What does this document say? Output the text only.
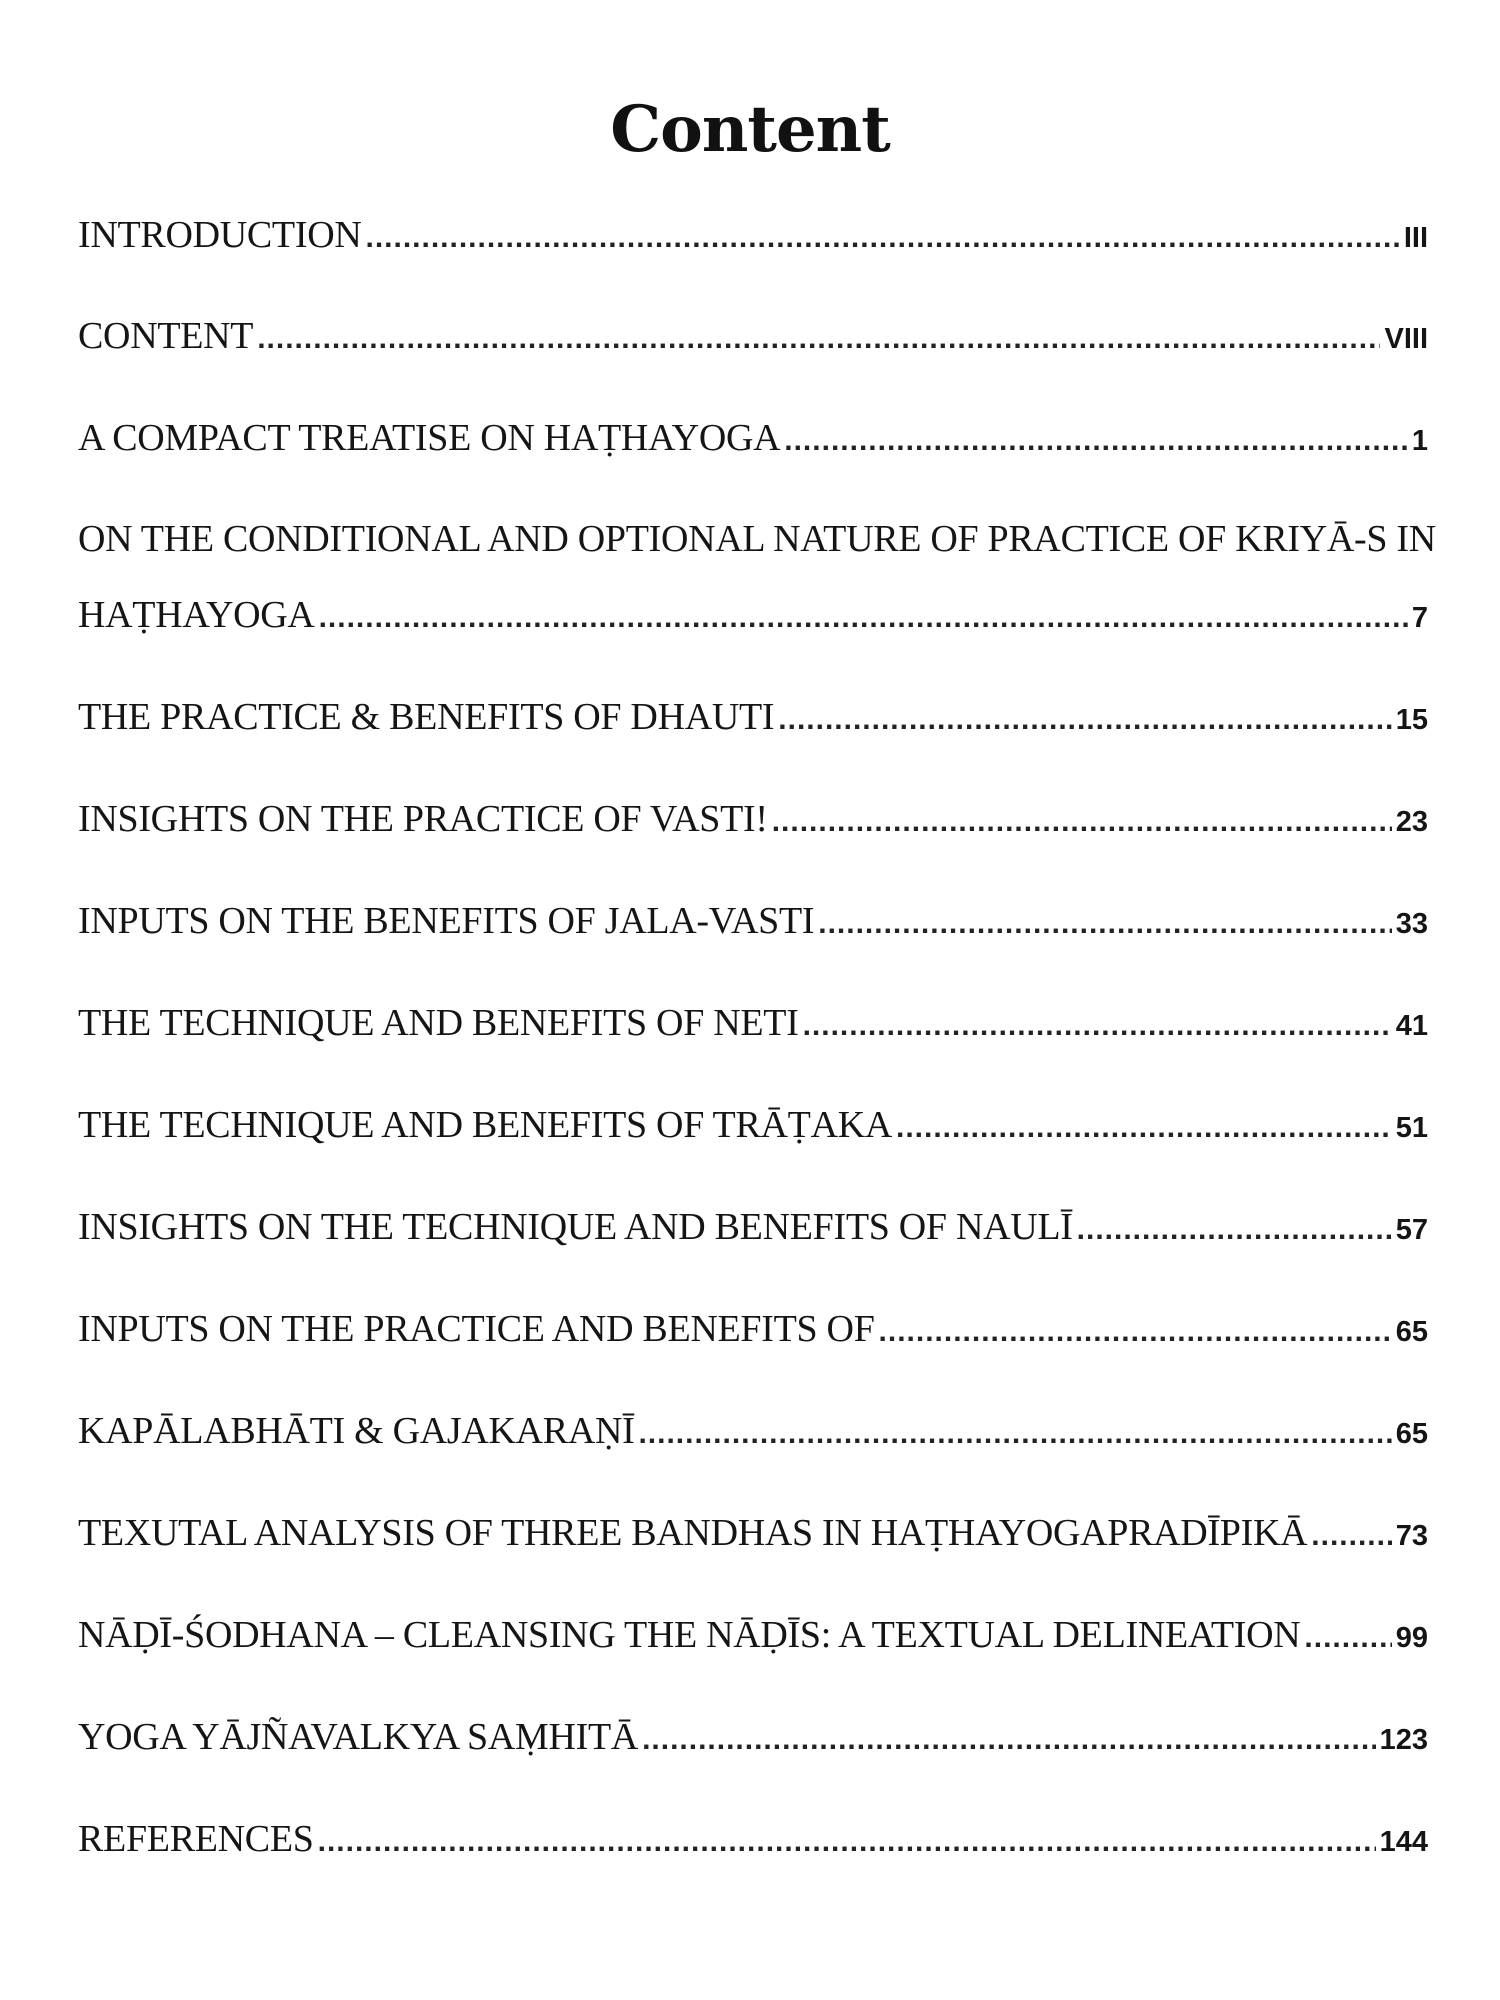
Content
INTRODUCTION .....	III
CONTENT .....	VIII
A COMPACT TREATISE ON HAṬHAYOGA .....	1
ON THE CONDITIONAL AND OPTIONAL NATURE OF PRACTICE OF KRIYĀ-S IN
HAṬHAYOGA .....	7
THE PRACTICE & BENEFITS OF DHAUTI .....	15
INSIGHTS ON THE PRACTICE OF VASTI! .....	23
INPUTS ON THE BENEFITS OF JALA-VASTI .....	33
THE TECHNIQUE AND BENEFITS OF NETI .....	41
THE TECHNIQUE AND BENEFITS OF TRĀṬAKA .....	51
INSIGHTS ON THE TECHNIQUE AND BENEFITS OF NAULĪ .....	57
INPUTS ON THE PRACTICE AND BENEFITS OF .....	65
KAPĀLABHĀTI & GAJAKARAṆĪ .....	65
TEXUTAL ANALYSIS OF THREE BANDHAS IN HAṬHAYOGAPRADĪPIKĀ .....	73
NĀḌĪ-ŚODHANA – CLEANSING THE NĀḌĪS: A TEXTUAL DELINEATION .....	99
YOGA YĀJÑAVALKYA SAṂHITĀ .....	123
REFERENCES .....	144
